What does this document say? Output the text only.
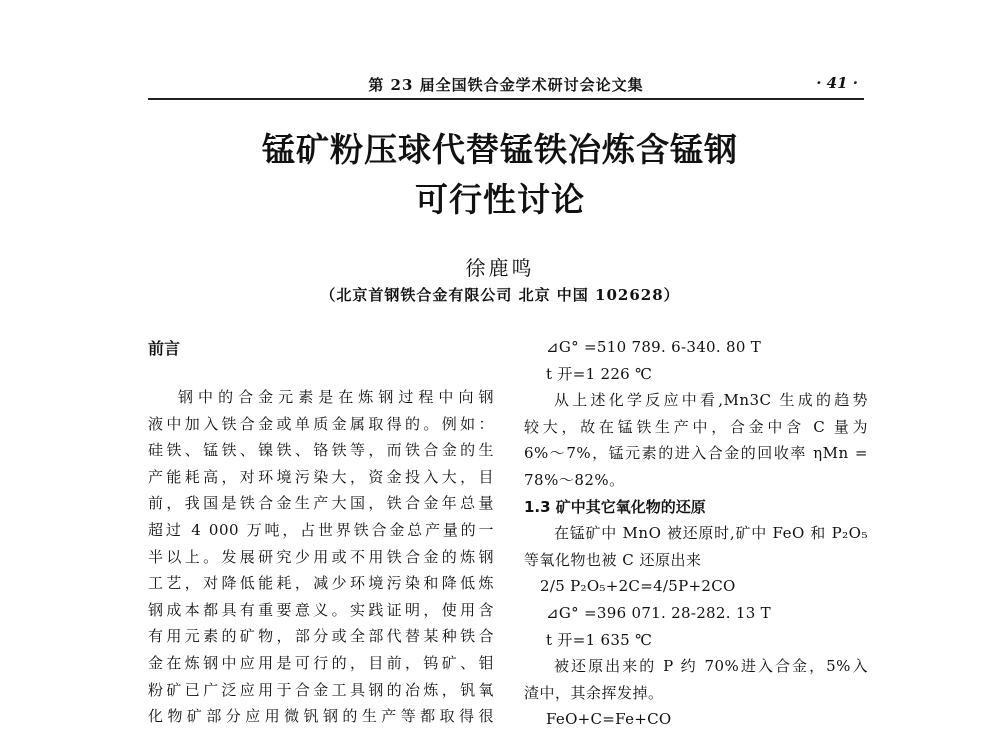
第 23 届全国铁合金学术研讨会论文集	· 41 ·
锰矿粉压球代替锰铁冶炼含锰钢
可行性讨论
徐鹿鸣
（北京首钢铁合金有限公司 北京 中国 102628）
前言
钢中的合金元素是在炼钢过程中向钢
液中加入铁合金或单质金属取得的。例如：
硅铁、锰铁、镍铁、铬铁等，而铁合金的生
产能耗高，对环境污染大，资金投入大，目
前，我国是铁合金生产大国，铁合金年总量
超过 4 000 万吨，占世界铁合金总产量的一
半以上。发展研究少用或不用铁合金的炼钢
工艺，对降低能耗，减少环境污染和降低炼
钢成本都具有重要意义。实践证明，使用含
有用元素的矿物，部分或全部代替某种铁合
金在炼钢中应用是可行的，目前，钨矿、钼
粉矿已广泛应用于合金工具钢的冶炼，钒氧
化物矿部分应用微钒钢的生产等都取得很
⊿G° =510 789. 6-340. 80 T
t 开=1 226 ℃
从上述化学反应中看,Mn3C 生成的趋势
较大，故在锰铁生产中，合金中含 C 量为
6%～7%，锰元素的进入合金的回收率 ηMn =
78%～82%。
1.3 矿中其它氧化物的还原
在锰矿中 MnO 被还原时,矿中 FeO 和 P₂O₅
等氧化物也被 C 还原出来
2/5 P₂O₅+2C=4/5P+2CO
⊿G° =396 071. 28-282. 13 T
t 开=1 635 ℃
被还原出来的 P 约 70%进入合金，5%入
渣中，其余挥发掉。
FeO+C=Fe+CO
